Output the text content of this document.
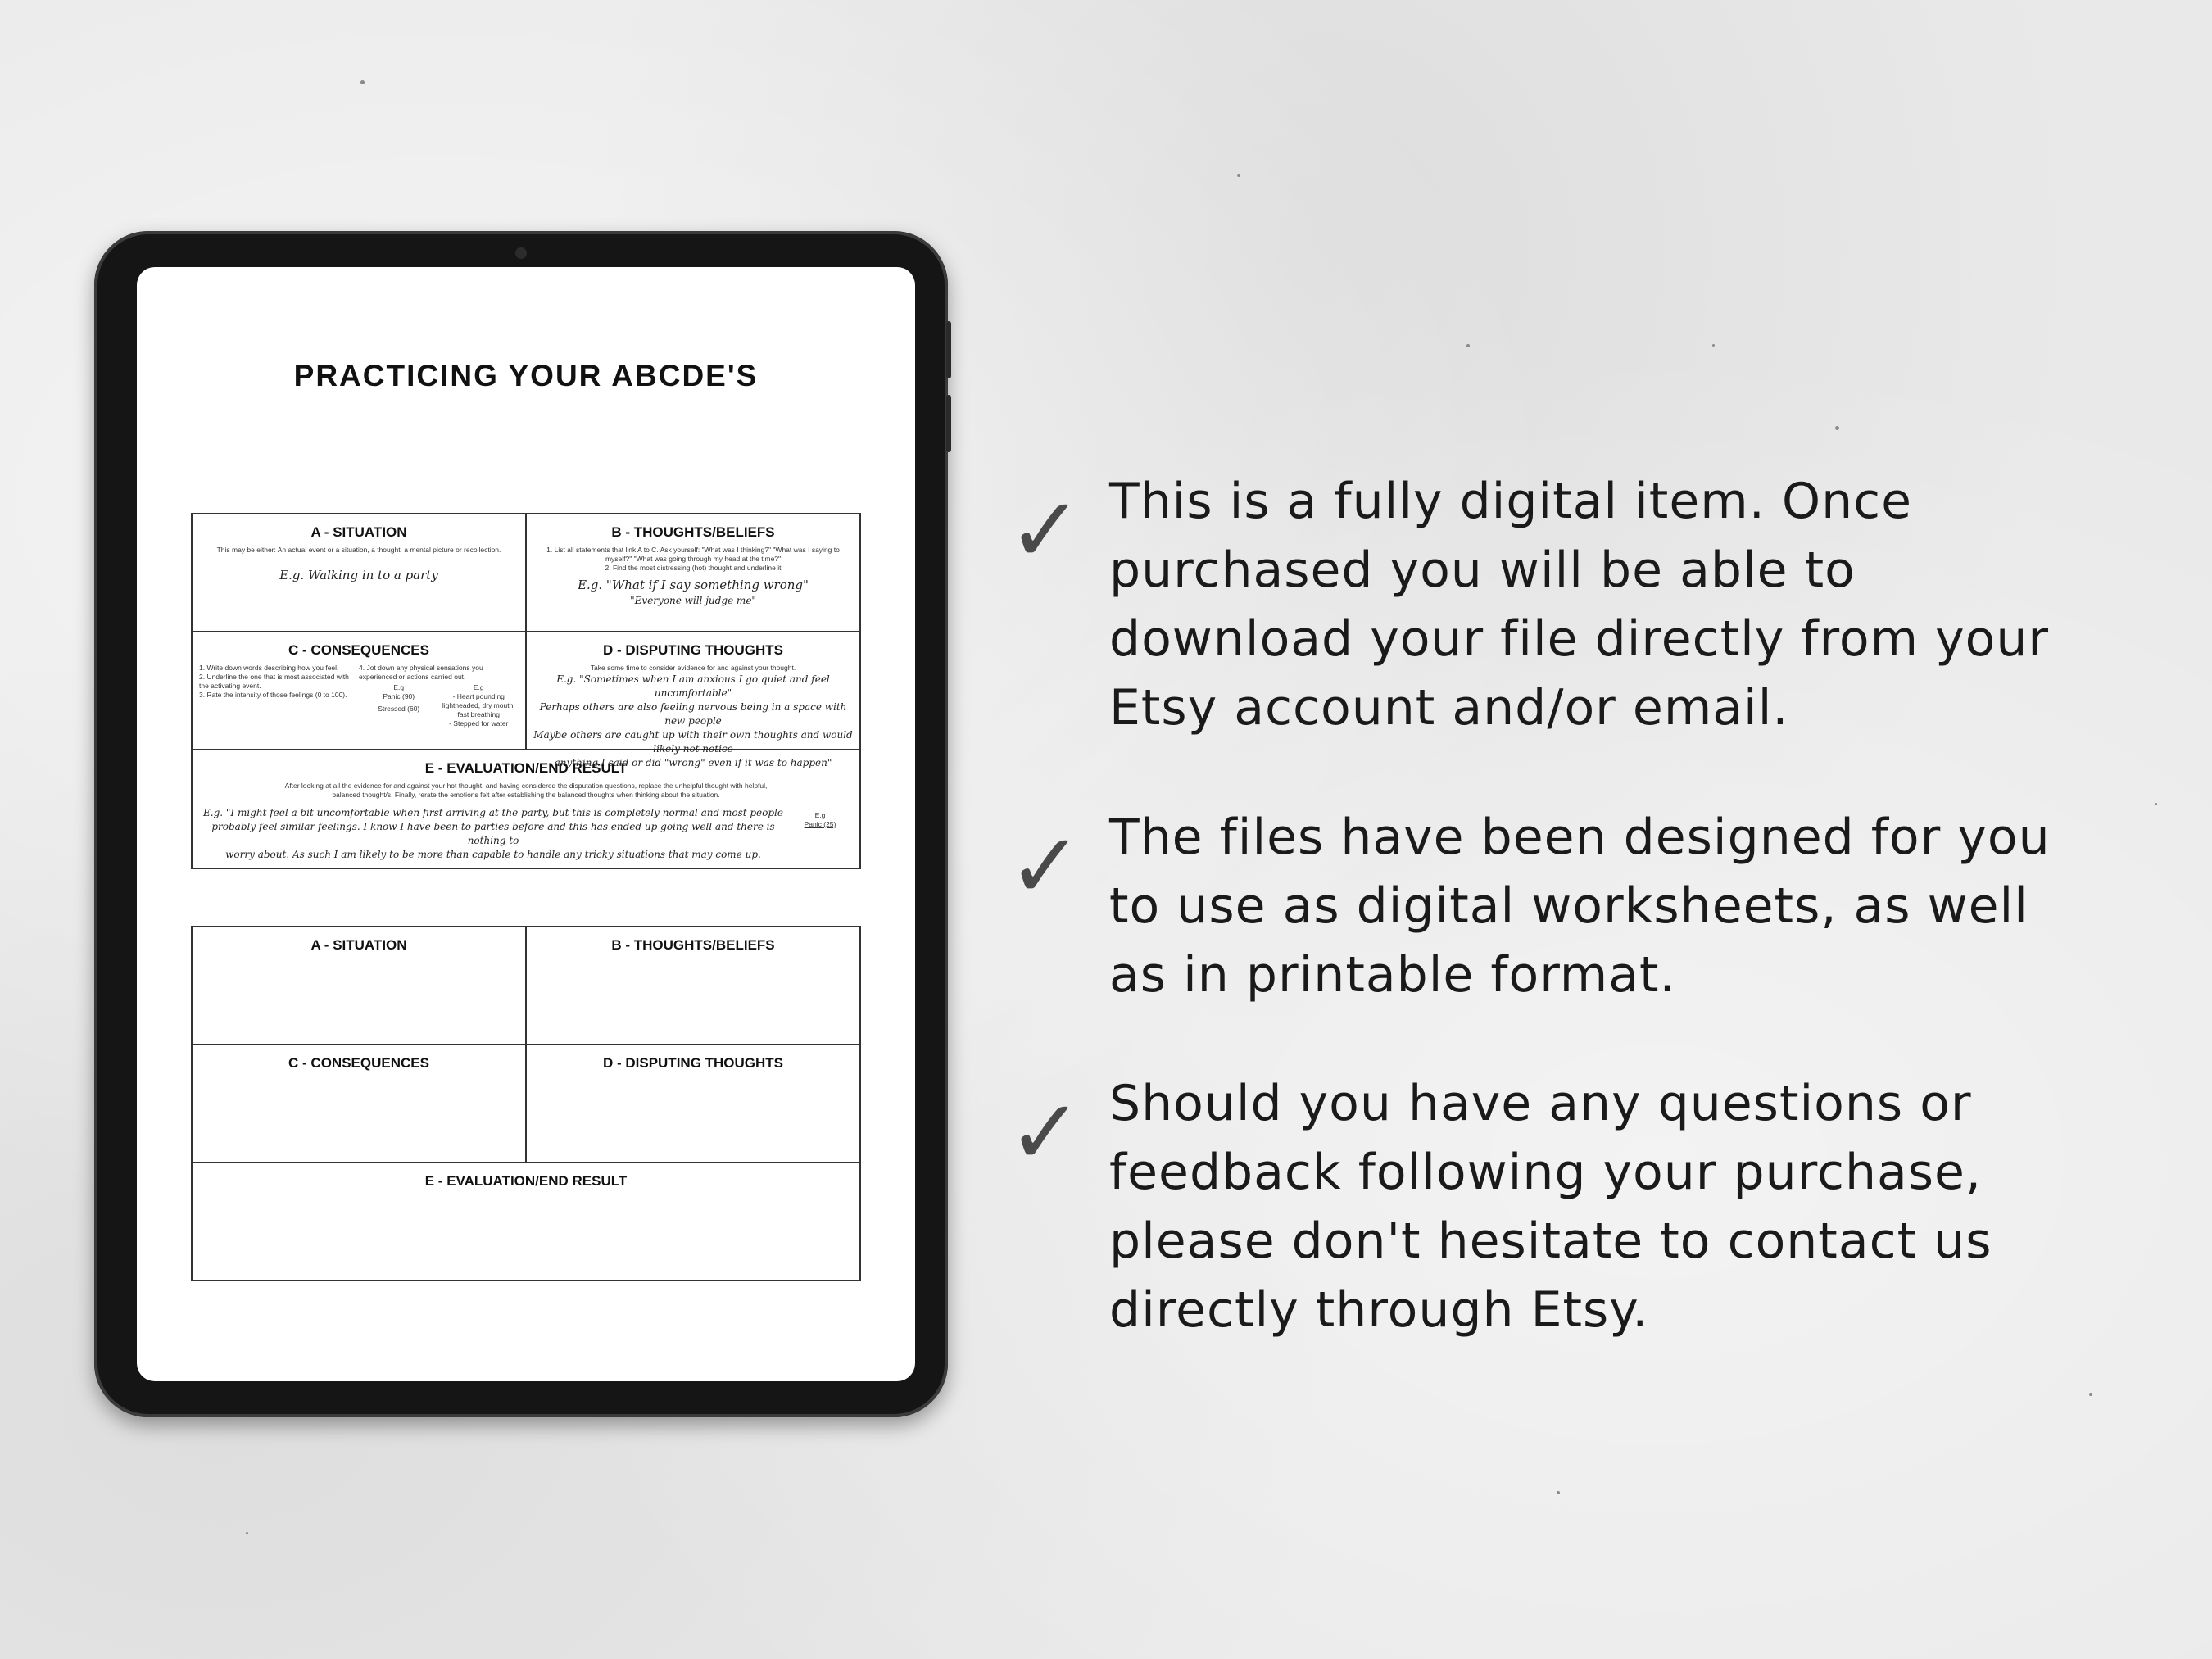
PRACTICING YOUR ABCDE'S
A - SITUATION
This may be either: An actual event or a situation, a thought, a mental picture or recollection.
E.g. Walking in to a party
B - THOUGHTS/BELIEFS
1. List all statements that link A to C. Ask yourself: "What was I thinking?" "What was I saying to myself?" "What was going through my head at the time?"
2. Find the most distressing (hot) thought and underline it
E.g. "What if I say something wrong"
"Everyone will judge me"
C - CONSEQUENCES
1. Write down words describing how you feel.
2. Underline the one that is most associated with the activating event.
3. Rate the intensity of those feelings (0 to 100).
4. Jot down any physical sensations you experienced or actions carried out.
E.g
Panic (90)
Stressed (60)
E.g
- Heart pounding
lightheaded, dry mouth,
fast breathing
- Stepped for water
D - DISPUTING THOUGHTS
Take some time to consider evidence for and against your thought.
E.g. "Sometimes when I am anxious I go quiet and feel uncomfortable"
Perhaps others are also feeling nervous being in a space with new people
Maybe others are caught up with their own thoughts and would likely not notice
anything I said or did "wrong" even if it was to happen"
E - EVALUATION/END RESULT
After looking at all the evidence for and against your hot thought, and having considered the disputation questions, replace the unhelpful thought with helpful,
balanced thought/s. Finally, rerate the emotions felt after establishing the balanced thoughts when thinking about the situation.
E.g. "I might feel a bit uncomfortable when first arriving at the party, but this is completely normal and most people
probably feel similar feelings. I know I have been to parties before and this has ended up going well and there is nothing to
worry about. As such I am likely to be more than capable to handle any tricky situations that may come up.
E.g
Panic (25)
A - SITUATION	B - THOUGHTS/BELIEFS
C - CONSEQUENCES	D - DISPUTING THOUGHTS
E - EVALUATION/END RESULT
✓ This is a fully digital item. Once purchased you will be able to download your file directly from your Etsy account and/or email.
✓ The files have been designed for you to use as digital worksheets, as well as in printable format.
✓ Should you have any questions or feedback following your purchase, please don't hesitate to contact us directly through Etsy.
